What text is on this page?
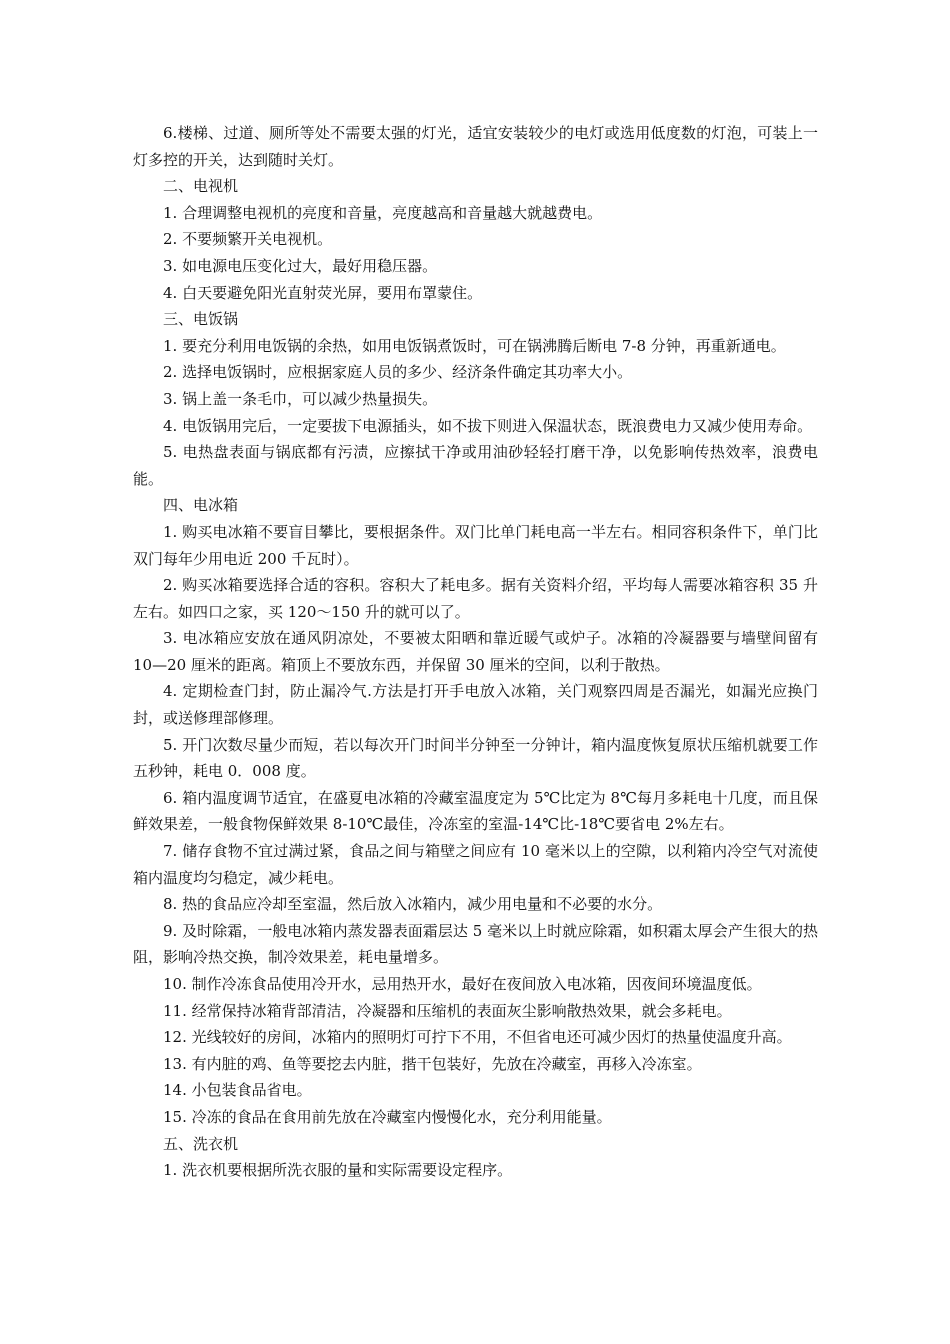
6.楼梯、过道、厕所等处不需要太强的灯光，适宜安装较少的电灯或选用低度数的灯泡，可装上一灯多控的开关，达到随时关灯。

二、电视机

1. 合理调整电视机的亮度和音量，亮度越高和音量越大就越费电。

2. 不要频繁开关电视机。

3. 如电源电压变化过大，最好用稳压器。

4. 白天要避免阳光直射荧光屏，要用布罩蒙住。

三、电饭锅

1. 要充分利用电饭锅的余热，如用电饭锅煮饭时，可在锅沸腾后断电 7-8 分钟，再重新通电。

2. 选择电饭锅时，应根据家庭人员的多少、经济条件确定其功率大小。

3. 锅上盖一条毛巾，可以减少热量损失。

4. 电饭锅用完后，一定要拔下电源插头，如不拔下则进入保温状态，既浪费电力又减少使用寿命。

5. 电热盘表面与锅底都有污渍，应擦拭干净或用油砂轻轻打磨干净，以免影响传热效率，浪费电能。

四、电冰箱

1. 购买电冰箱不要盲目攀比，要根据条件。双门比单门耗电高一半左右。相同容积条件下，单门比双门每年少用电近 200 千瓦时）。

2. 购买冰箱要选择合适的容积。容积大了耗电多。据有关资料介绍，平均每人需要冰箱容积 35 升左右。如四口之家，买 120～150 升的就可以了。

3. 电冰箱应安放在通风阴凉处，不要被太阳晒和靠近暖气或炉子。冰箱的冷凝器要与墙壁间留有 10—20 厘米的距离。箱顶上不要放东西，并保留 30 厘米的空间，以利于散热。

4. 定期检查门封，防止漏冷气.方法是打开手电放入冰箱，关门观察四周是否漏光，如漏光应换门封，或送修理部修理。

5. 开门次数尽量少而短，若以每次开门时间半分钟至一分钟计，箱内温度恢复原状压缩机就要工作五秒钟，耗电 0．008 度。

6. 箱内温度调节适宜，在盛夏电冰箱的冷藏室温度定为 5℃比定为 8℃每月多耗电十几度，而且保鲜效果差，一般食物保鲜效果 8-10℃最佳，冷冻室的室温-14℃比-18℃要省电 2%左右。

7. 储存食物不宜过满过紧，食品之间与箱壁之间应有 10 毫米以上的空隙，以利箱内冷空气对流使箱内温度均匀稳定，减少耗电。

8. 热的食品应冷却至室温，然后放入冰箱内，减少用电量和不必要的水分。

9. 及时除霜，一般电冰箱内蒸发器表面霜层达 5 毫米以上时就应除霜，如积霜太厚会产生很大的热阻，影响冷热交换，制冷效果差，耗电量增多。

10. 制作冷冻食品使用冷开水，忌用热开水，最好在夜间放入电冰箱，因夜间环境温度低。

11. 经常保持冰箱背部清洁，冷凝器和压缩机的表面灰尘影响散热效果，就会多耗电。

12. 光线较好的房间，冰箱内的照明灯可拧下不用，不但省电还可减少因灯的热量使温度升高。

13. 有内脏的鸡、鱼等要挖去内脏，揩干包装好，先放在冷藏室，再移入冷冻室。

14. 小包装食品省电。

15. 冷冻的食品在食用前先放在冷藏室内慢慢化水，充分利用能量。

五、洗衣机

1. 洗衣机要根据所洗衣服的量和实际需要设定程序。
